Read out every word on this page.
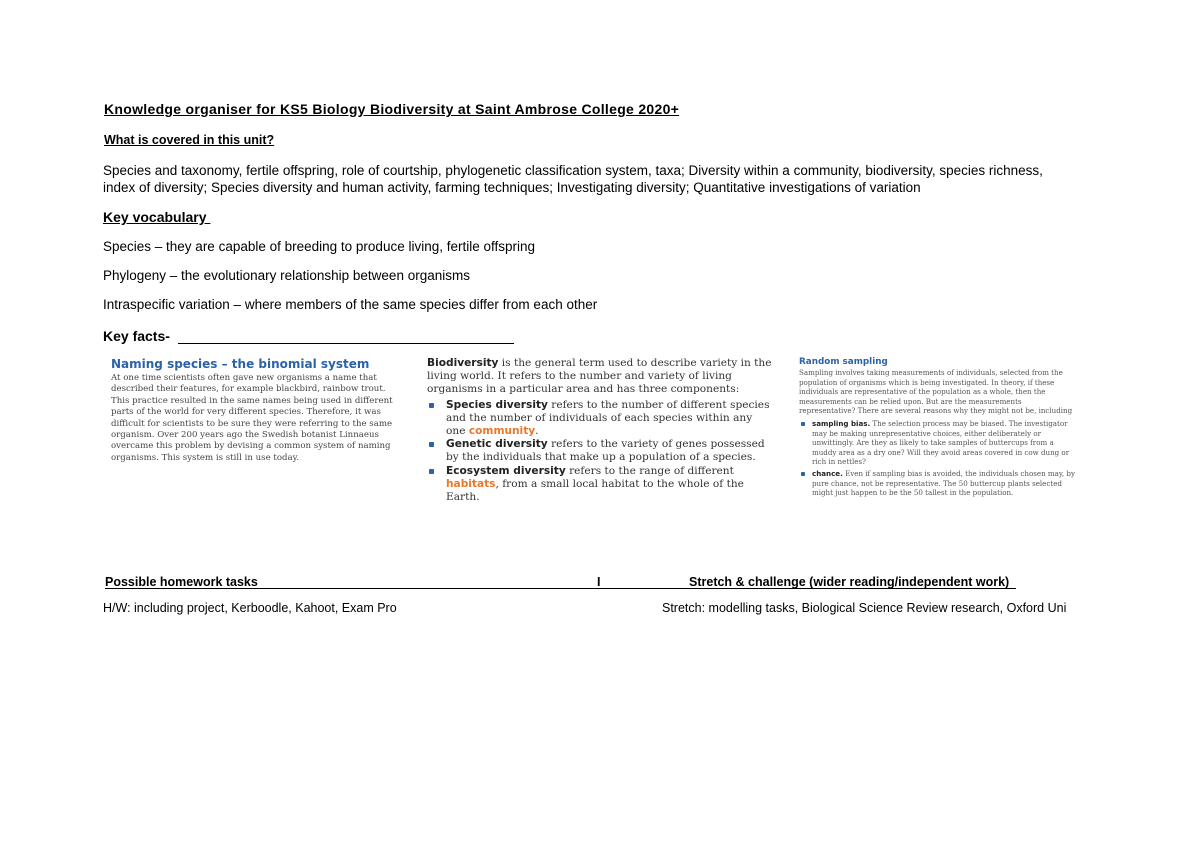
Knowledge organiser for KS5 Biology Biodiversity at Saint Ambrose College 2020+
What is covered in this unit?
Species and taxonomy, fertile offspring, role of courtship, phylogenetic classification system, taxa; Diversity within a community, biodiversity, species richness, index of diversity; Species diversity and human activity, farming techniques; Investigating diversity; Quantitative investigations of variation
Key vocabulary
Species – they are capable of breeding to produce living, fertile offspring
Phylogeny – the evolutionary relationship between organisms
Intraspecific variation – where members of the same species differ from each other
Key facts-
Naming species – the binomial system
At one time scientists often gave new organisms a name that described their features, for example blackbird, rainbow trout. This practice resulted in the same names being used in different parts of the world for very different species. Therefore, it was difficult for scientists to be sure they were referring to the same organism. Over 200 years ago the Swedish botanist Linnaeus overcame this problem by devising a common system of naming organisms. This system is still in use today.
Biodiversity is the general term used to describe variety in the living world. It refers to the number and variety of living organisms in a particular area and has three components:
Species diversity refers to the number of different species and the number of individuals of each species within any one community.
Genetic diversity refers to the variety of genes possessed by the individuals that make up a population of a species.
Ecosystem diversity refers to the range of different habitats, from a small local habitat to the whole of the Earth.
Random sampling
Sampling involves taking measurements of individuals, selected from the population of organisms which is being investigated. In theory, if these individuals are representative of the population as a whole, then the measurements can be relied upon. But are the measurements representative? There are several reasons why they might not be, including
sampling bias. The selection process may be biased. The investigator may be making unrepresentative choices, either deliberately or unwittingly. Are they as likely to take samples of buttercups from a muddy area as a dry one? Will they avoid areas covered in cow dung or rich in nettles?
chance. Even if sampling bias is avoided, the individuals chosen may, by pure chance, not be representative. The 50 buttercup plants selected might just happen to be the 50 tallest in the population.
Possible homework tasks	I	Stretch & challenge (wider reading/independent work)
H/W: including project, Kerboodle, Kahoot, Exam Pro	Stretch: modelling tasks, Biological Science Review research, Oxford Uni
